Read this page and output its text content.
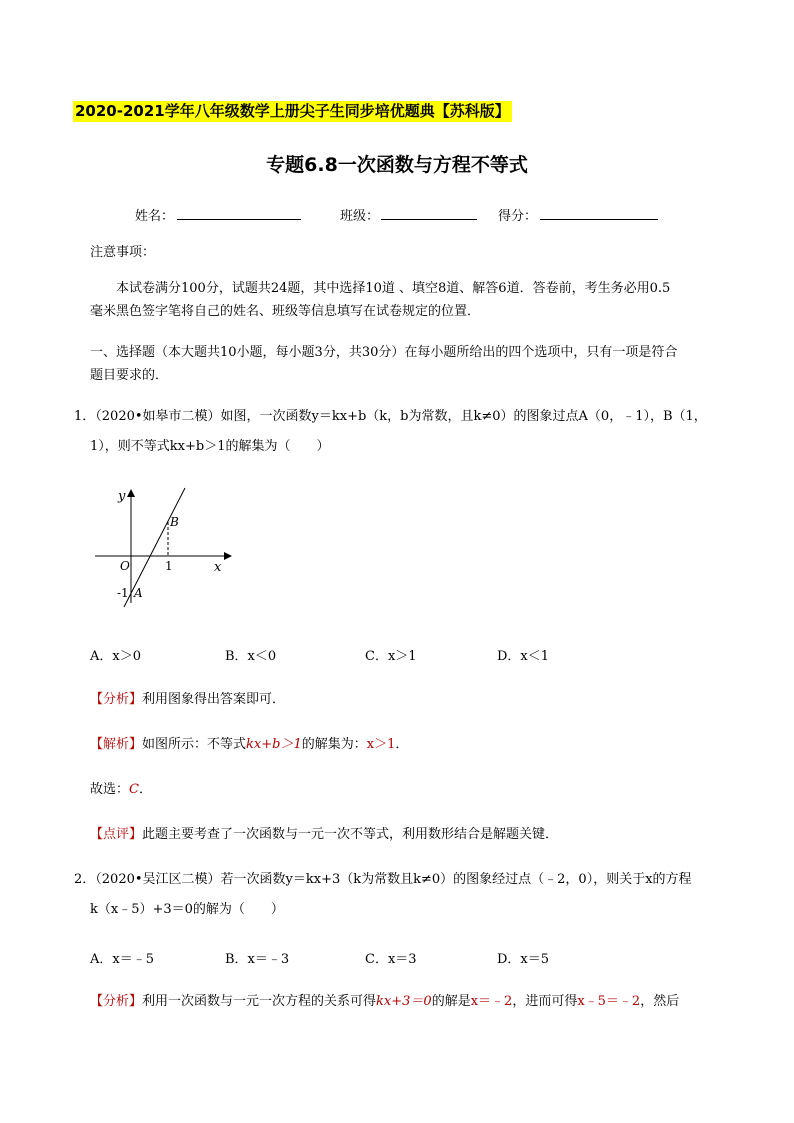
2020-2021学年八年级数学上册尖子生同步培优题典【苏科版】
专题6.8一次函数与方程不等式
姓名：	班级：	得分：
注意事项：
本试卷满分100分，试题共24题，其中选择10道 、填空8道、解答6道．答卷前，考生务必用0.5
毫米黑色签字笔将自己的姓名、班级等信息填写在试卷规定的位置．
一、选择题（本大题共10小题，每小题3分，共30分）在每小题所给出的四个选项中，只有一项是符合
题目要求的．
1．（2020•如皋市二模）如图，一次函数y＝kx+b（k，b为常数，且k≠0）的图象过点A（0，﹣1），B（1，
1），则不等式kx+b＞1的解集为（　　）
y
x
O	1
B
-1 A
A．x＞0	B．x＜0	C．x＞1	D．x＜1
【分析】利用图象得出答案即可．
【解析】如图所示：不等式kx+b＞1的解集为：x＞1．
故选：C．
【点评】此题主要考查了一次函数与一元一次不等式，利用数形结合是解题关键．
2．（2020•吴江区二模）若一次函数y＝kx+3（k为常数且k≠0）的图象经过点（﹣2，0），则关于x的方程
k（x﹣5）+3＝0的解为（　　）
A．x＝﹣5	B．x＝﹣3	C．x＝3	D．x＝5
【分析】利用一次函数与一元一次方程的关系可得kx+3＝0的解是x＝﹣2，进而可得x﹣5＝﹣2，然后
